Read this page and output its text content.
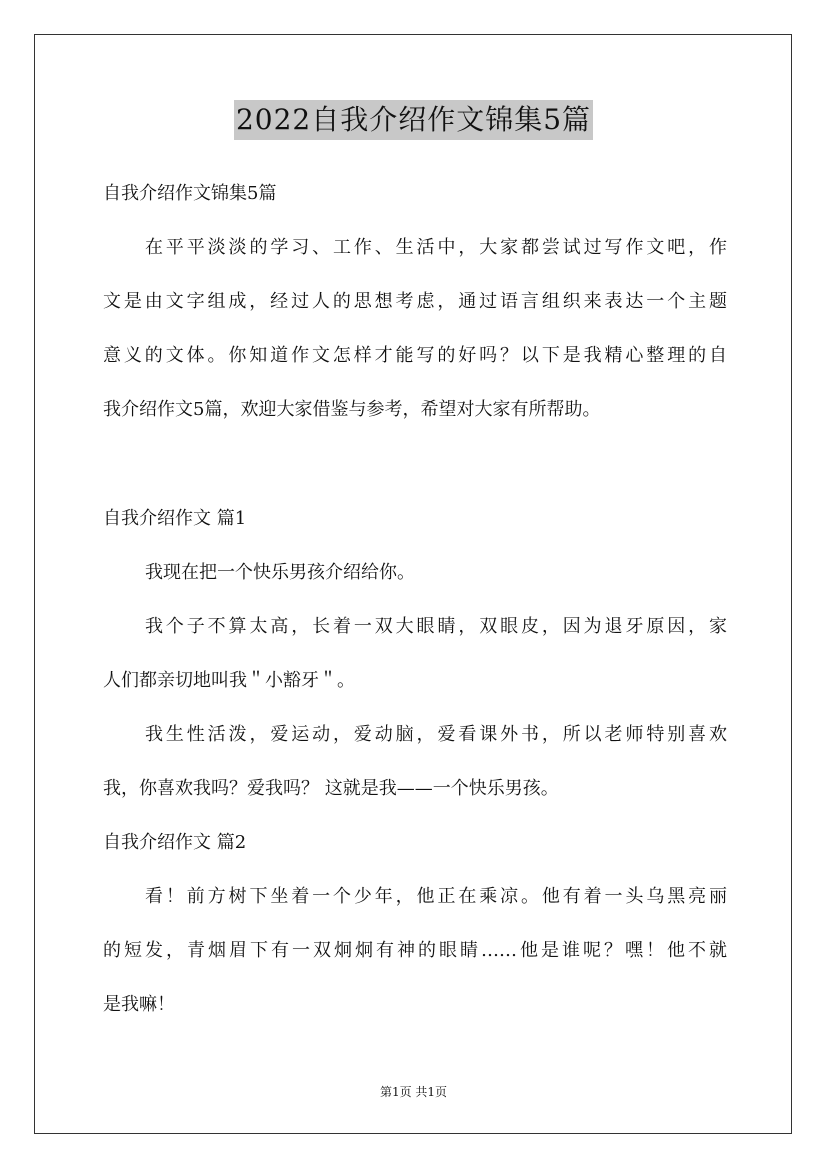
2022自我介绍作文锦集5篇
自我介绍作文锦集5篇
在平平淡淡的学习、工作、生活中，大家都尝试过写作文吧，作
文是由文字组成，经过人的思想考虑，通过语言组织来表达一个主题
意义的文体。你知道作文怎样才能写的好吗？以下是我精心整理的自
我介绍作文5篇，欢迎大家借鉴与参考，希望对大家有所帮助。
自我介绍作文 篇1
我现在把一个快乐男孩介绍给你。
我个子不算太高，长着一双大眼睛，双眼皮，因为退牙原因，家
人们都亲切地叫我＂小豁牙＂。
我生性活泼，爱运动，爱动脑，爱看课外书，所以老师特别喜欢
我，你喜欢我吗？爱我吗？ 这就是我——一个快乐男孩。
自我介绍作文 篇2
看！前方树下坐着一个少年，他正在乘凉。他有着一头乌黑亮丽
的短发，青烟眉下有一双炯炯有神的眼睛……他是谁呢？嘿！他不就
是我嘛！
第1页 共1页
